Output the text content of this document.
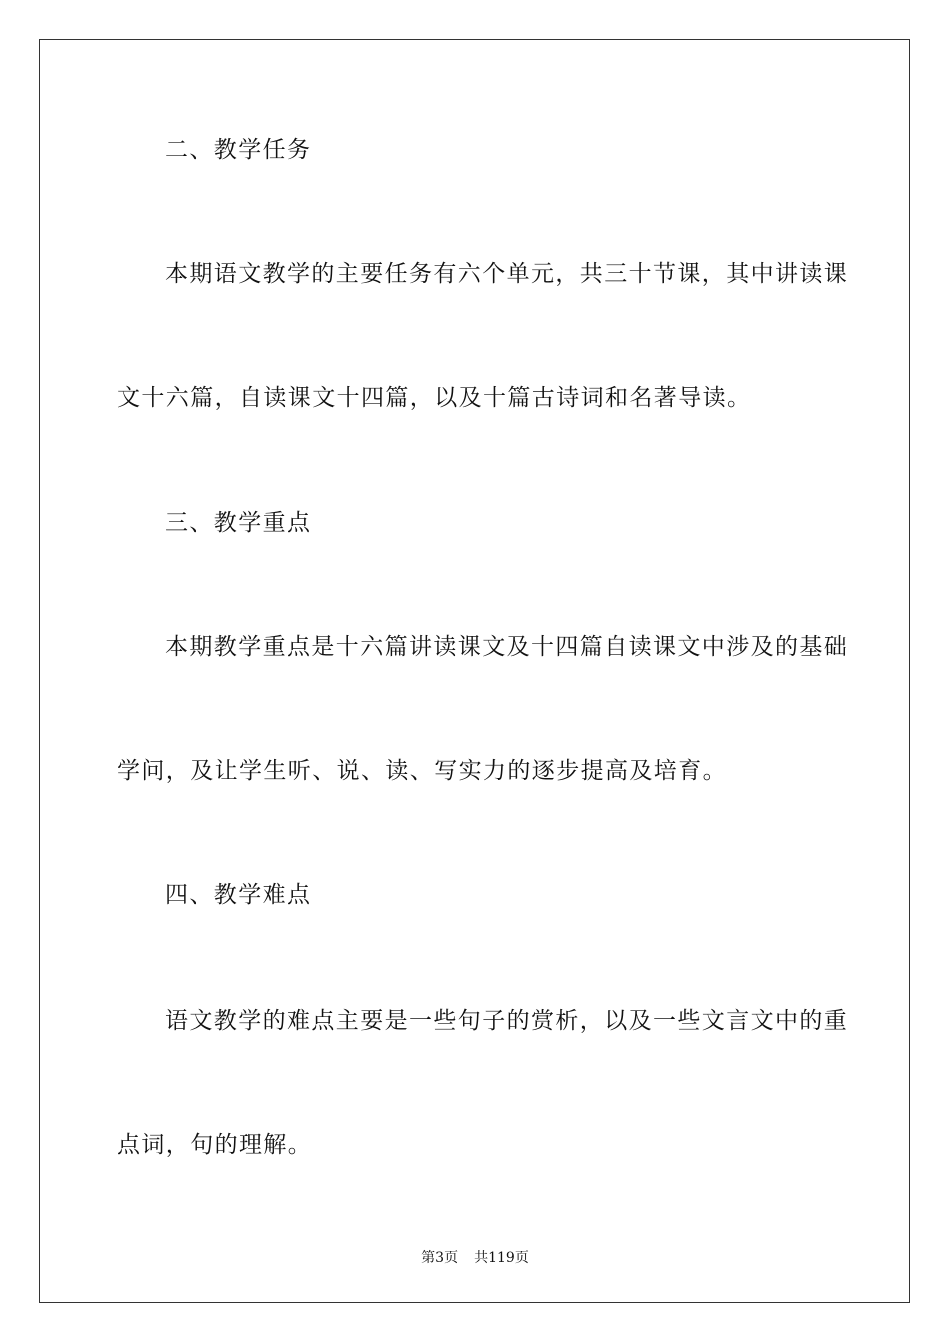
二、教学任务
本期语文教学的主要任务有六个单元，共三十节课，其中讲读课
文十六篇，自读课文十四篇，以及十篇古诗词和名著导读。
三、教学重点
本期教学重点是十六篇讲读课文及十四篇自读课文中涉及的基础
学问，及让学生听、说、读、写实力的逐步提高及培育。
四、教学难点
语文教学的难点主要是一些句子的赏析，以及一些文言文中的重
点词，句的理解。
第3页 共119页
